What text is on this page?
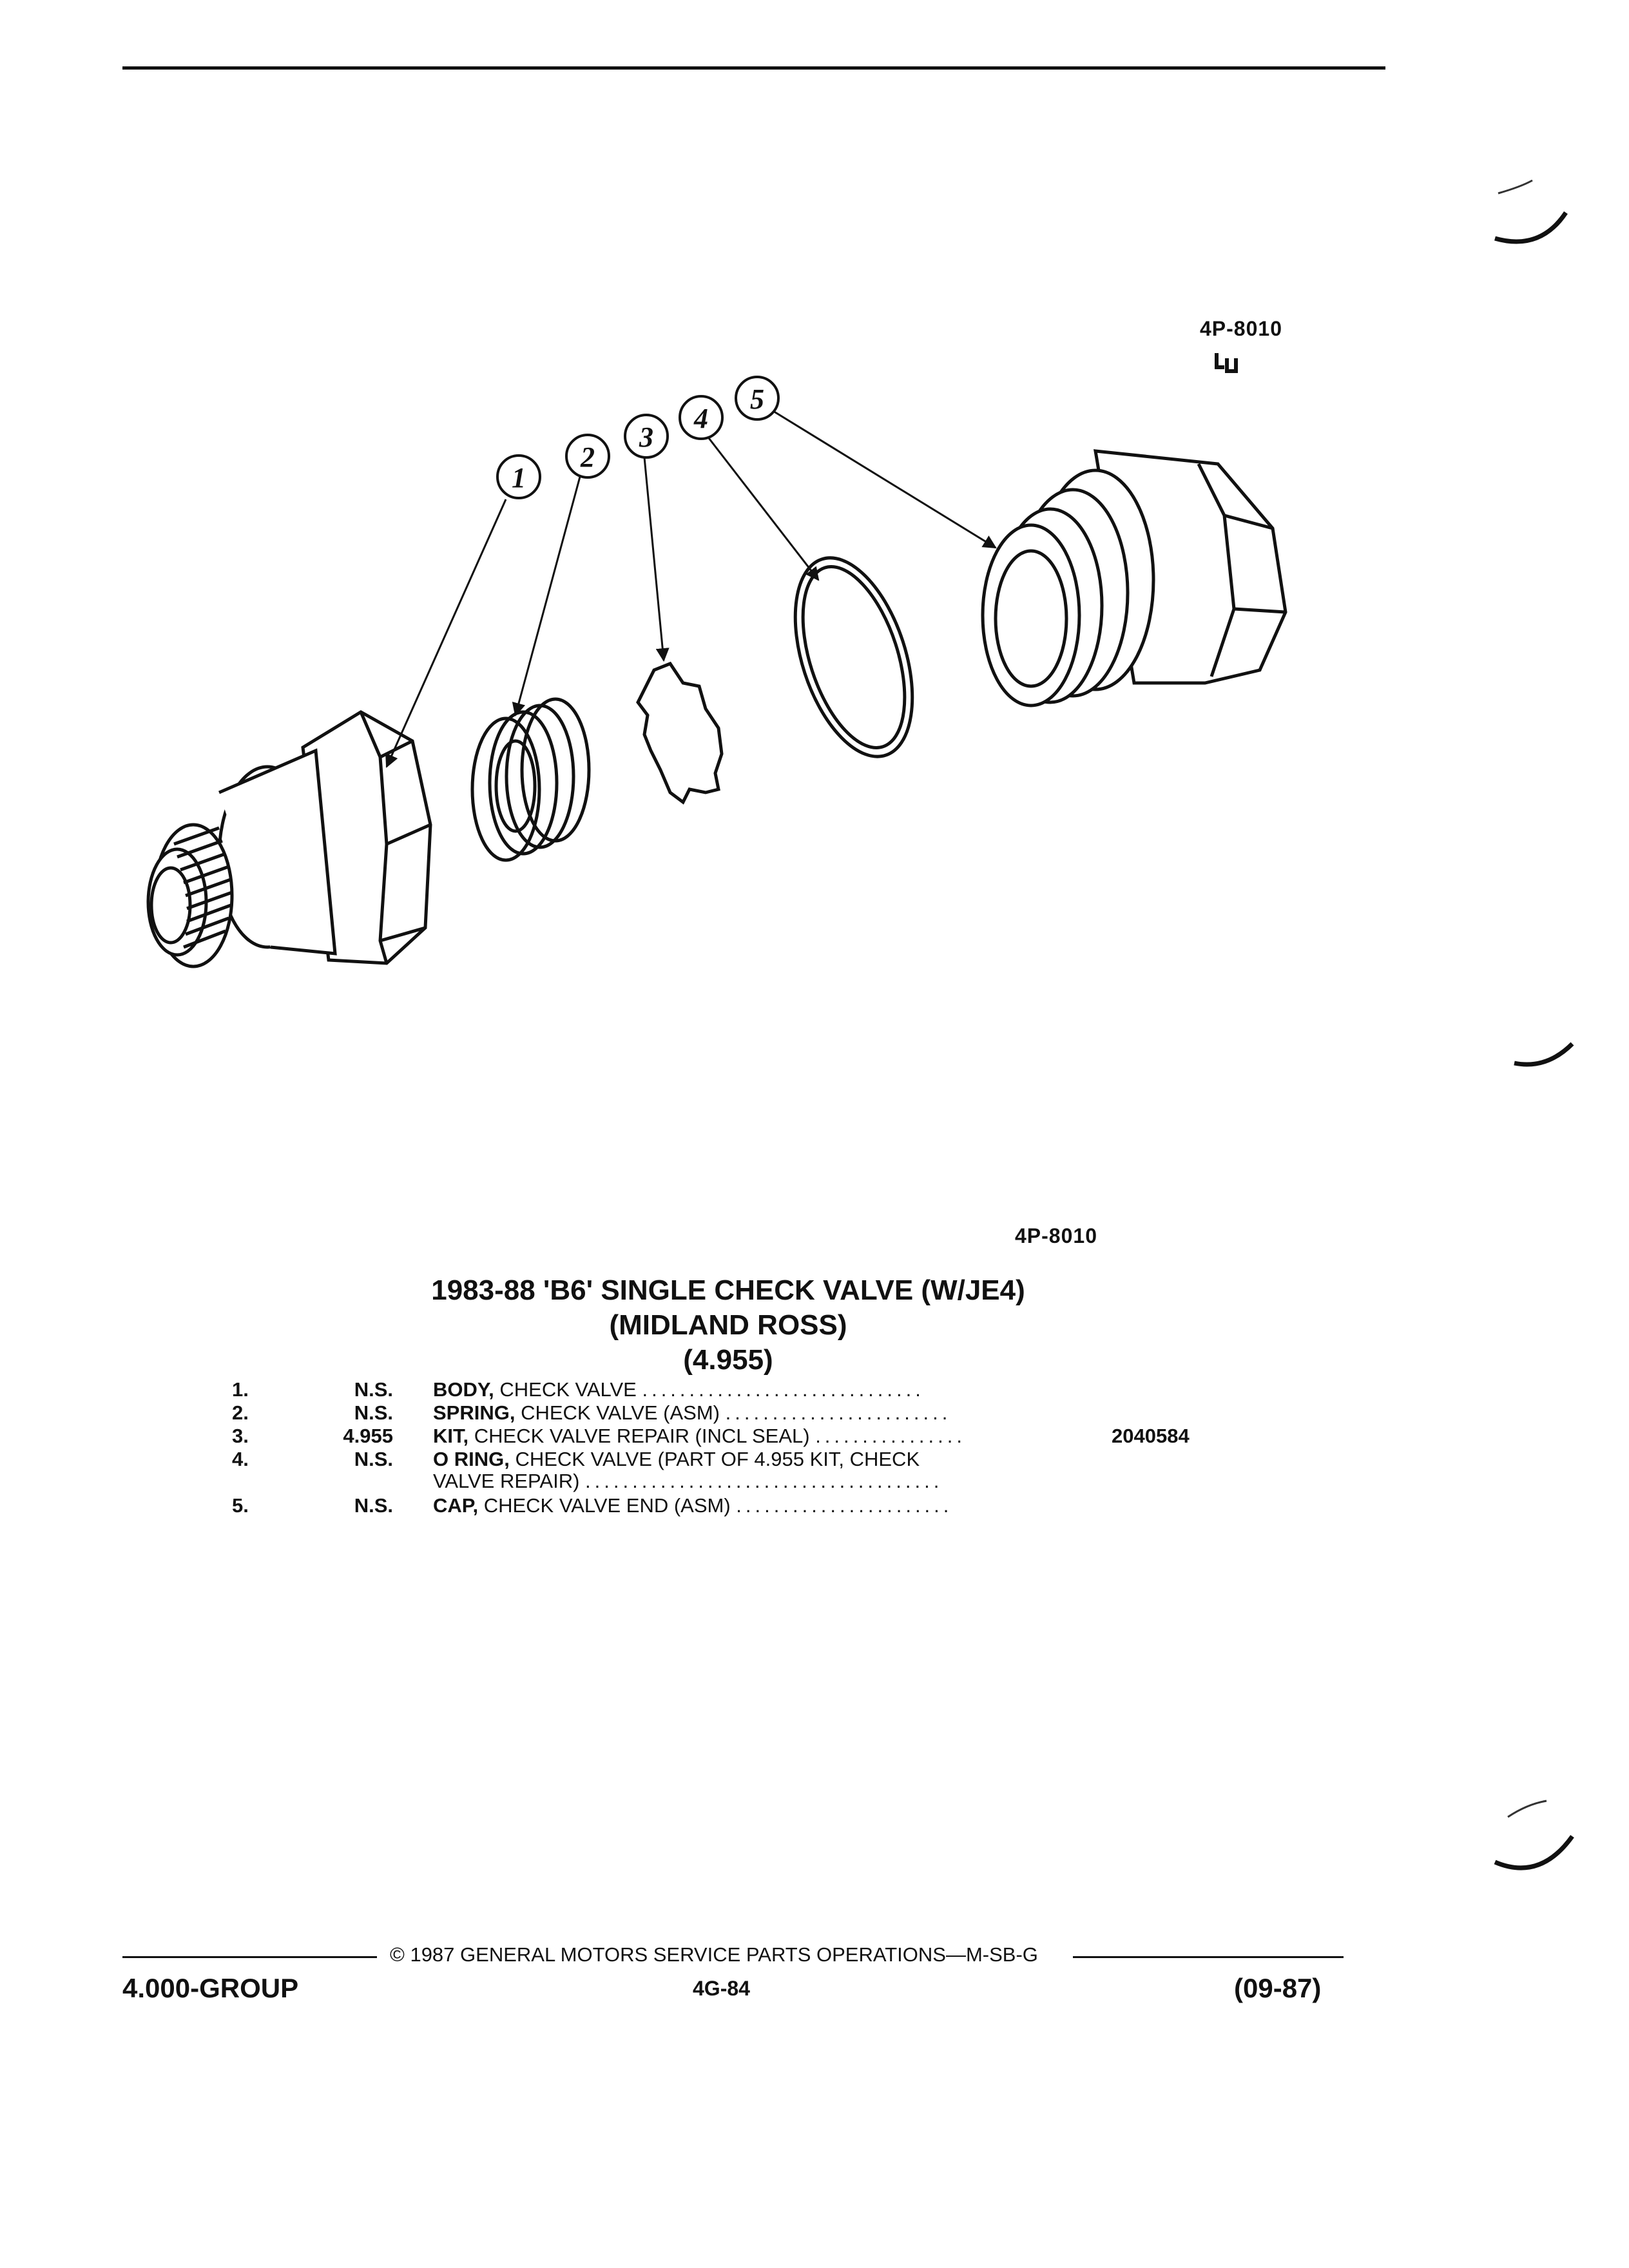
4P-8010
1
2
3
4
5
4P-8010
1983-88 'B6' SINGLE CHECK VALVE (W/JE4)
(MIDLAND ROSS)
(4.955)
1.	N.S. BODY, CHECK VALVE ..............................
2.	N.S. SPRING, CHECK VALVE (ASM) ........................
3.	4.955 KIT, CHECK VALVE REPAIR (INCL SEAL) ................	2040584
4.	N.S. O RING, CHECK VALVE (PART OF 4.955 KIT, CHECK
VALVE REPAIR) ......................................
5.	N.S. CAP, CHECK VALVE END (ASM) .......................
© 1987 GENERAL MOTORS SERVICE PARTS OPERATIONS—M-SB-G
4.000-GROUP	4G-84	(09-87)
